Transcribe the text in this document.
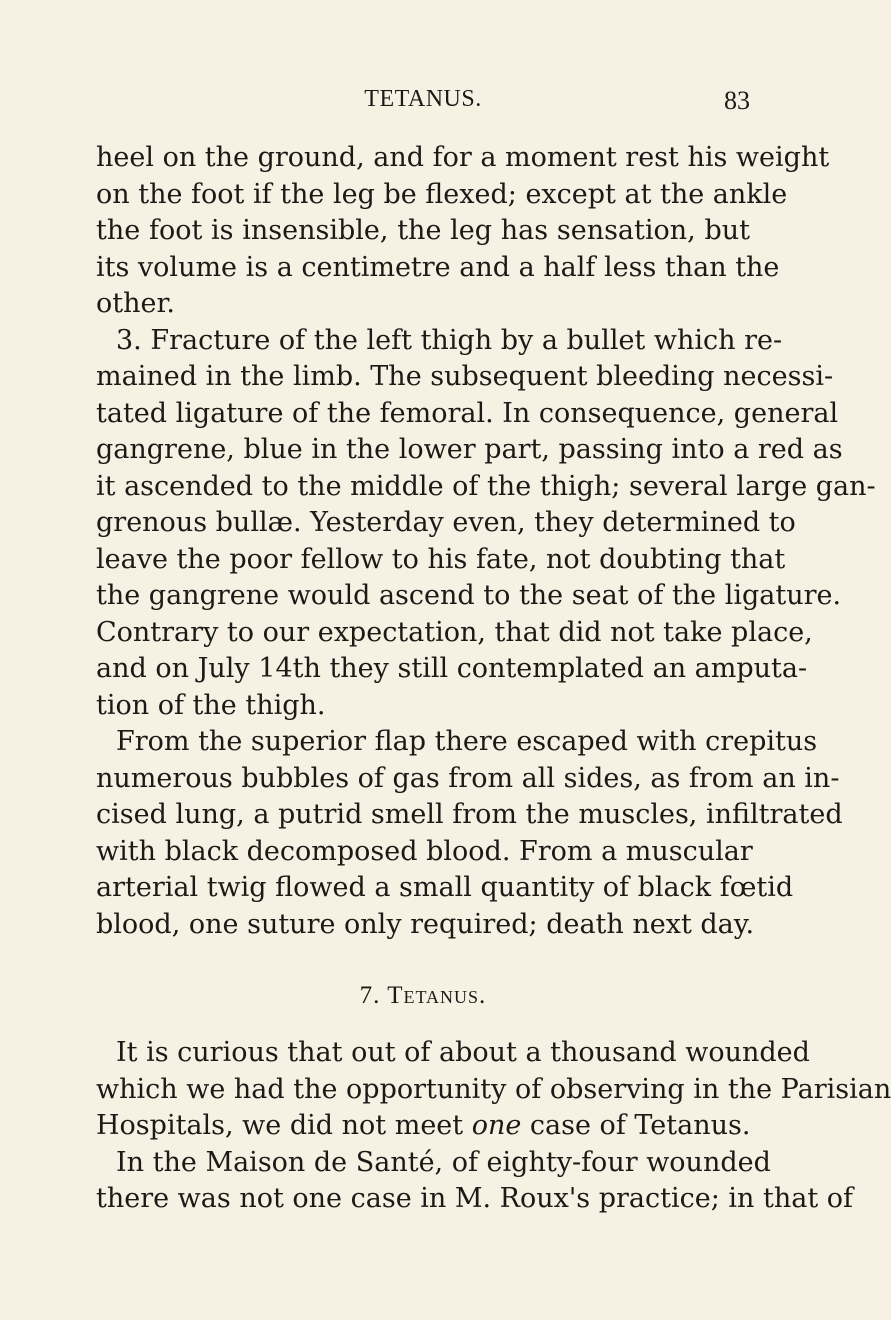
TETANUS.	83
heel on the ground, and for a moment rest his weight
on the foot if the leg be flexed; except at the ankle
the foot is insensible, the leg has sensation, but
its volume is a centimetre and a half less than the
other.
3. Fracture of the left thigh by a bullet which re-
mained in the limb. The subsequent bleeding necessi-
tated ligature of the femoral. In consequence, general
gangrene, blue in the lower part, passing into a red as
it ascended to the middle of the thigh; several large gan-
grenous bullæ. Yesterday even, they determined to
leave the poor fellow to his fate, not doubting that
the gangrene would ascend to the seat of the ligature.
Contrary to our expectation, that did not take place,
and on July 14th they still contemplated an amputa-
tion of the thigh.
From the superior flap there escaped with crepitus
numerous bubbles of gas from all sides, as from an in-
cised lung, a putrid smell from the muscles, infiltrated
with black decomposed blood. From a muscular
arterial twig flowed a small quantity of black fœtid
blood, one suture only required; death next day.
7. Tetanus.
It is curious that out of about a thousand wounded
which we had the opportunity of observing in the Parisian
Hospitals, we did not meet one case of Tetanus.
In the Maison de Santé, of eighty-four wounded
there was not one case in M. Roux's practice; in that of
